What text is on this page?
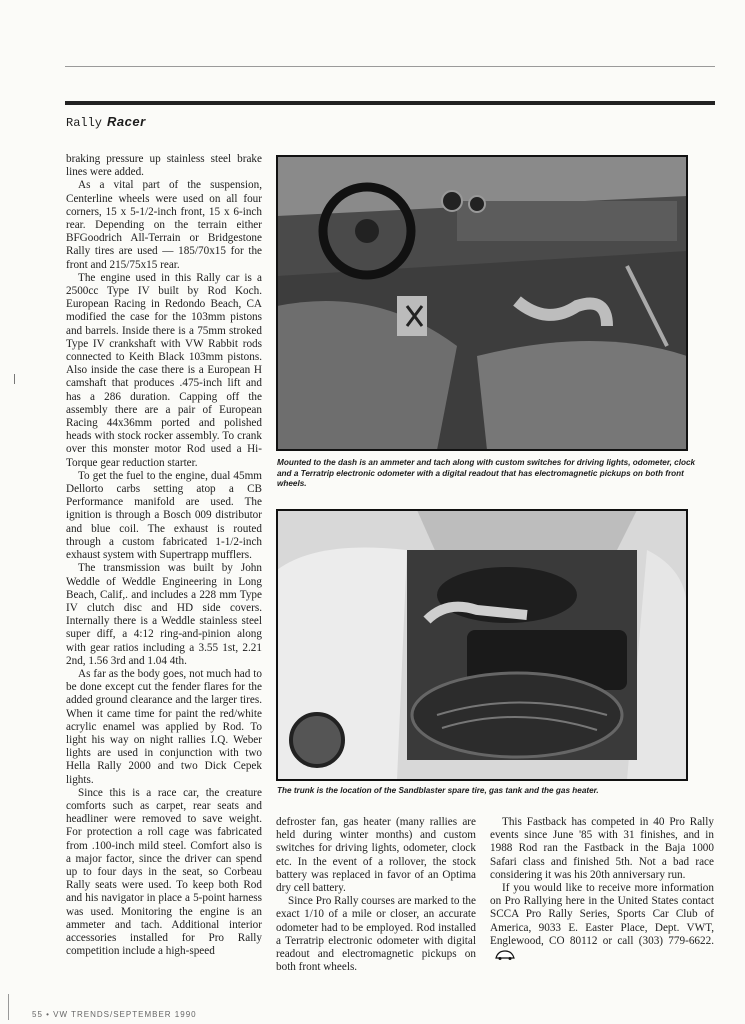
Rally Racer

braking pressure up stainless steel brake lines were added.

As a vital part of the suspension, Centerline wheels were used on all four corners, 15 x 5-1/2-inch front, 15 x 6-inch rear. Depending on the terrain either BFGoodrich All-Terrain or Bridgestone Rally tires are used — 185/70x15 for the front and 215/75x15 rear.

The engine used in this Rally car is a 2500cc Type IV built by Rod Koch. European Racing in Redondo Beach, CA modified the case for the 103mm pistons and barrels. Inside there is a 75mm stroked Type IV crankshaft with VW Rabbit rods connected to Keith Black 103mm pistons. Also inside the case there is a European H camshaft that produces .475-inch lift and has a 286 duration. Capping off the assembly there are a pair of European Racing 44x36mm ported and polished heads with stock rocker assembly. To crank over this monster motor Rod used a Hi-Torque gear reduction starter.

To get the fuel to the engine, dual 45mm Dellorto carbs setting atop a CB Performance manifold are used. The ignition is through a Bosch 009 distributor and blue coil. The exhaust is routed through a custom fabricated 1-1/2-inch exhaust system with Supertrapp mufflers.

The transmission was built by John Weddle of Weddle Engineering in Long Beach, Calif,. and includes a 228 mm Type IV clutch disc and HD side covers. Internally there is a Weddle stainless steel super diff, a 4:12 ring-and-pinion along with gear ratios including a 3.55 1st, 2.21 2nd, 1.56 3rd and 1.04 4th.

As far as the body goes, not much had to be done except cut the fender flares for the added ground clearance and the larger tires. When it came time for paint the red/white acrylic enamel was applied by Rod. To light his way on night rallies I.Q. Weber lights are used in conjunction with two Hella Rally 2000 and two Dick Cepek lights.

Since this is a race car, the creature comforts such as carpet, rear seats and headliner were removed to save weight. For protection a roll cage was fabricated from .100-inch mild steel. Comfort also is a major factor, since the driver can spend up to four days in the seat, so Corbeau Rally seats were used. To keep both Rod and his navigator in place a 5-point harness was used. Monitoring the engine is an ammeter and tach. Additional interior accessories installed for Pro Rally competition include a high-speed

Mounted to the dash is an ammeter and tach along with custom switches for driving lights, odometer, clock and a Terratrip electronic odometer with a digital readout that has electromagnetic pickups on both front wheels.
The trunk is the location of the Sandblaster spare tire, gas tank and the gas heater.

defroster fan, gas heater (many rallies are held during winter months) and custom switches for driving lights, odometer, clock etc. In the event of a rollover, the stock battery was replaced in favor of an Optima dry cell battery.

Since Pro Rally courses are marked to the exact 1/10 of a mile or closer, an accurate odometer had to be employed. Rod installed a Terratrip electronic odometer with digital readout and electromagnetic pickups on both front wheels.

This Fastback has competed in 40 Pro Rally events since June '85 with 31 finishes, and in 1988 Rod ran the Fastback in the Baja 1000 Safari class and finished 5th. Not a bad race considering it was his 20th anniversary run.

If you would like to receive more information on Pro Rallying here in the United States contact SCCA Pro Rally Series, Sports Car Club of America, 9033 E. Easter Place, Dept. VWT, Englewood, CO 80112 or call (303) 779-6622.

55 • VW TRENDS/SEPTEMBER 1990
